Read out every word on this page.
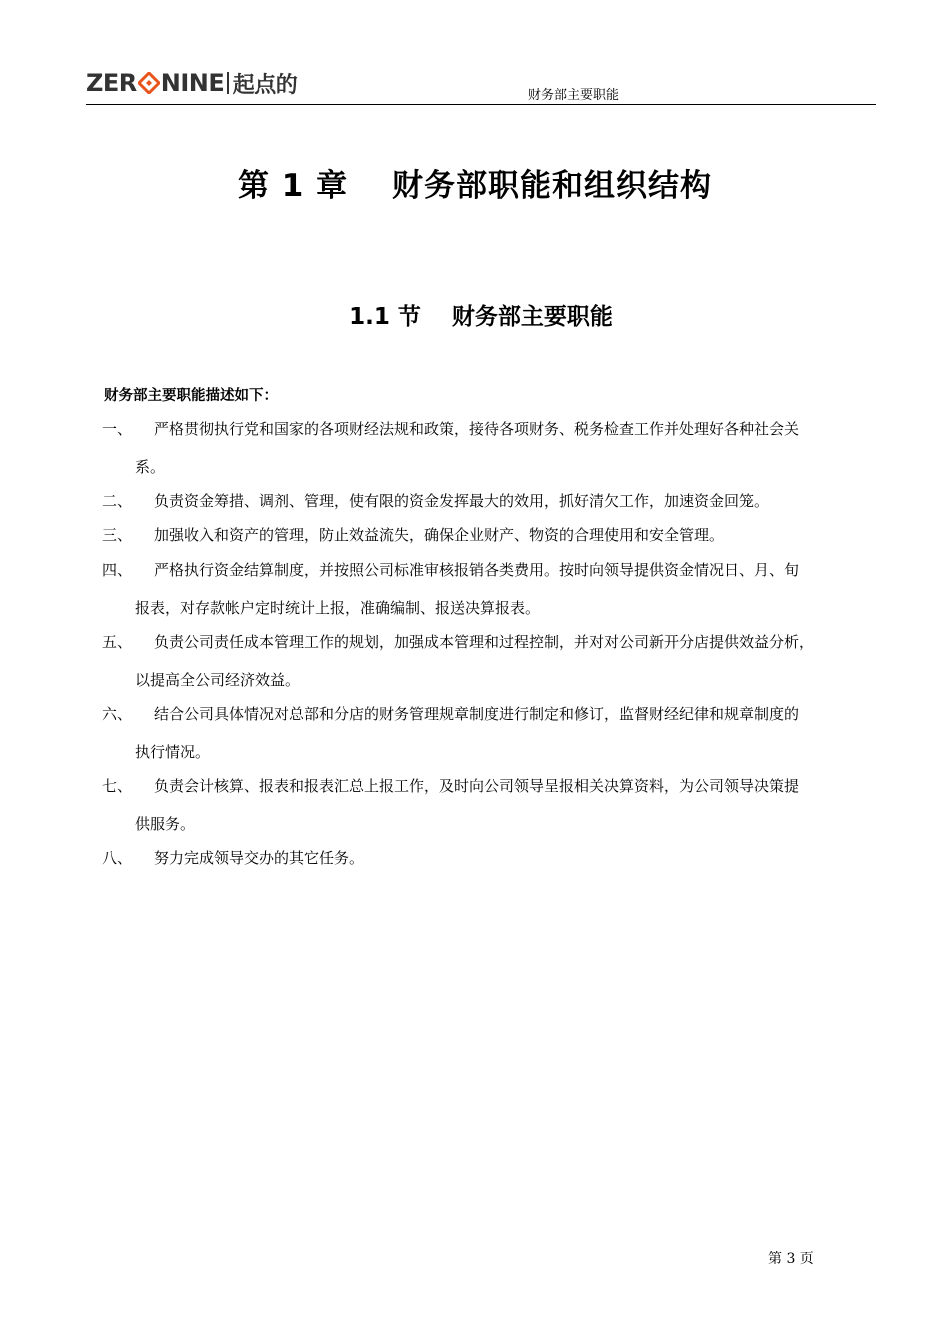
ZER NINE 起点的	财务部主要职能
第 1 章　 财务部职能和组织结构
1.1 节　 财务部主要职能
财务部主要职能描述如下：
一、 严格贯彻执行党和国家的各项财经法规和政策，接待各项财务、税务检查工作并处理好各种社会关
系。
二、 负责资金筹措、调剂、管理，使有限的资金发挥最大的效用，抓好清欠工作，加速资金回笼。
三、 加强收入和资产的管理，防止效益流失，确保企业财产、物资的合理使用和安全管理。
四、 严格执行资金结算制度，并按照公司标准审核报销各类费用。按时向领导提供资金情况日、月、旬
报表，对存款帐户定时统计上报，准确编制、报送决算报表。
五、 负责公司责任成本管理工作的规划，加强成本管理和过程控制，并对对公司新开分店提供效益分析，
以提高全公司经济效益。
六、 结合公司具体情况对总部和分店的财务管理规章制度进行制定和修订，监督财经纪律和规章制度的
执行情况。
七、 负责会计核算、报表和报表汇总上报工作，及时向公司领导呈报相关决算资料，为公司领导决策提
供服务。
八、 努力完成领导交办的其它任务。
第 3 页
